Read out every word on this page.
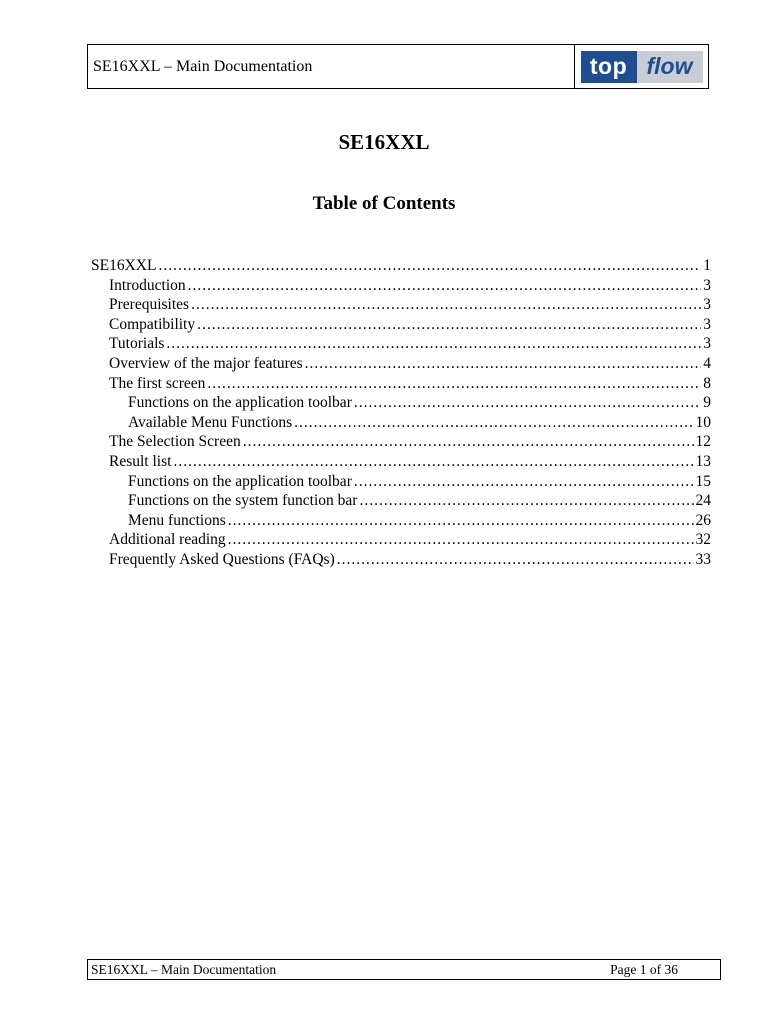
SE16XXL – Main Documentation	top flow
SE16XXL
Table of Contents
SE16XXL .....	1
Introduction .....	3
Prerequisites .....	3
Compatibility .....	3
Tutorials .....	3
Overview of the major features .....	4
The first screen .....	8
Functions on the application toolbar .....	9
Available Menu Functions .....	10
The Selection Screen .....	12
Result list .....	13
Functions on the application toolbar .....	15
Functions on the system function bar .....	24
Menu functions .....	26
Additional reading .....	32
Frequently Asked Questions (FAQs) .....	33
SE16XXL – Main Documentation	Page 1 of 36
